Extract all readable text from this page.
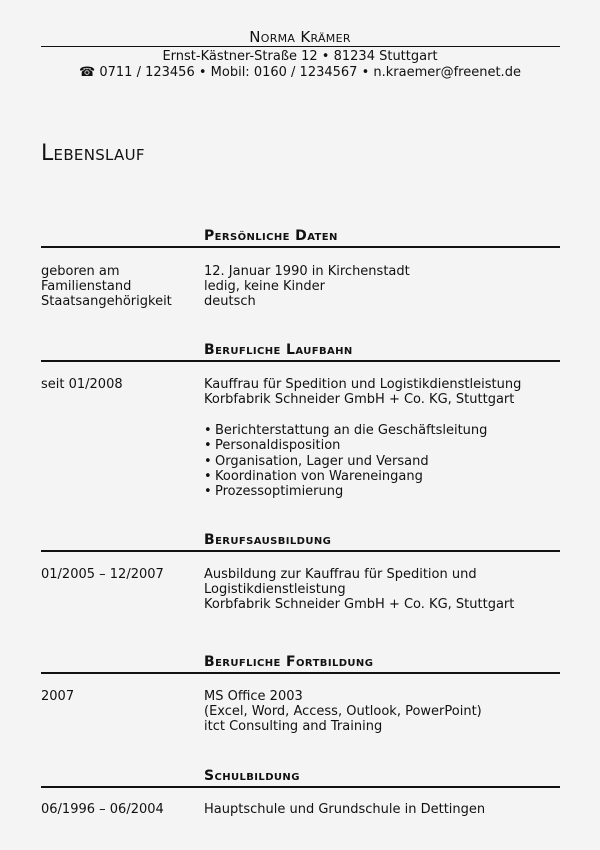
Norma Krämer
Ernst-Kästner-Straße 12 • 81234 Stuttgart
☎ 0711 / 123456 • Mobil: 0160 / 1234567 • n.kraemer@freenet.de
Lebenslauf
Persönliche Daten
geboren am	12. Januar 1990 in Kirchenstadt
Familienstand	ledig, keine Kinder
Staatsangehörigkeit deutsch
Berufliche Laufbahn
seit 01/2008	Kauffrau für Spedition und Logistikdienstleistung
Korbfabrik Schneider GmbH + Co. KG, Stuttgart
• Berichterstattung an die Geschäftsleitung
• Personaldisposition
• Organisation, Lager und Versand
• Koordination von Wareneingang
• Prozessoptimierung
Berufsausbildung
01/2005 – 12/2007	Ausbildung zur Kauffrau für Spedition und
Logistikdienstleistung
Korbfabrik Schneider GmbH + Co. KG, Stuttgart
Berufliche Fortbildung
2007	MS Office 2003
(Excel, Word, Access, Outlook, PowerPoint)
itct Consulting and Training
Schulbildung
06/1996 – 06/2004	Hauptschule und Grundschule in Dettingen
